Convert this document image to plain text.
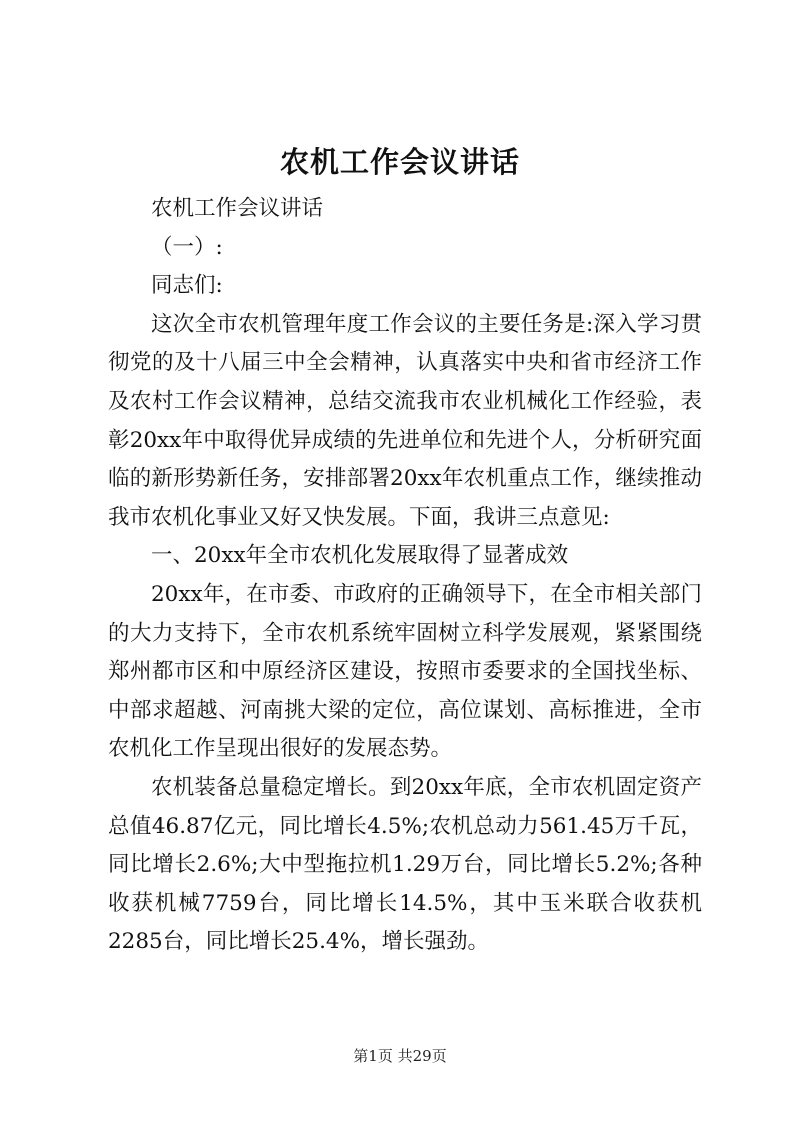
农机工作会议讲话

农机工作会议讲话

（一）:

同志们:

这次全市农机管理年度工作会议的主要任务是:深入学习贯彻党的及十八届三中全会精神，认真落实中央和省市经济工作及农村工作会议精神，总结交流我市农业机械化工作经验，表彰20xx年中取得优异成绩的先进单位和先进个人，分析研究面临的新形势新任务，安排部署20xx年农机重点工作，继续推动我市农机化事业又好又快发展。下面，我讲三点意见:

一、20xx年全市农机化发展取得了显著成效

20xx年，在市委、市政府的正确领导下，在全市相关部门的大力支持下，全市农机系统牢固树立科学发展观，紧紧围绕郑州都市区和中原经济区建设，按照市委要求的全国找坐标、中部求超越、河南挑大梁的定位，高位谋划、高标推进，全市农机化工作呈现出很好的发展态势。

农机装备总量稳定增长。到20xx年底，全市农机固定资产总值46.87亿元，同比增长4.5%;农机总动力561.45万千瓦，同比增长2.6%;大中型拖拉机1.29万台，同比增长5.2%;各种收获机械7759台，同比增长14.5%，其中玉米联合收获机2285台，同比增长25.4%，增长强劲。

第1页 共29页
